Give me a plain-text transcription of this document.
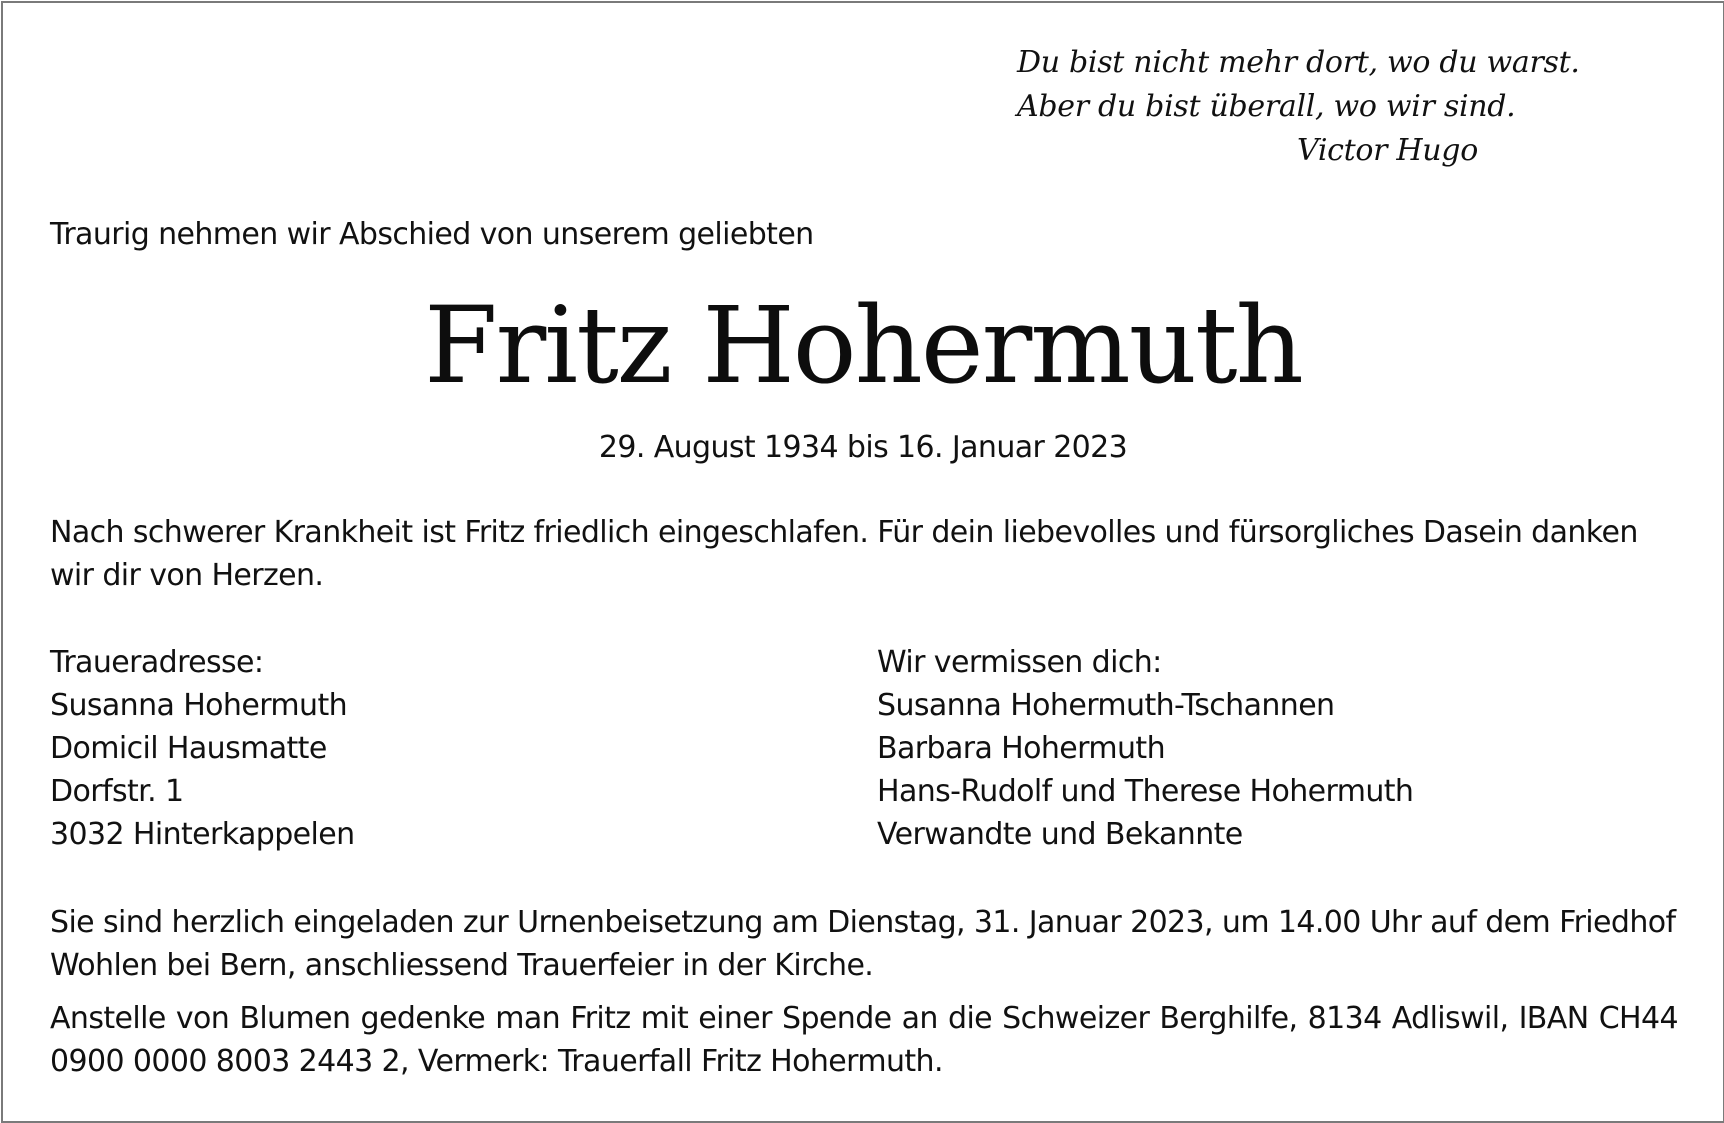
Du bist nicht mehr dort, wo du warst.
Aber du bist überall, wo wir sind.
Victor Hugo
Traurig nehmen wir Abschied von unserem geliebten
Fritz Hohermuth
29. August 1934 bis 16. Januar 2023
Nach schwerer Krankheit ist Fritz friedlich eingeschlafen. Für dein liebevolles und fürsorgliches Dasein danken wir dir von Herzen.
Traueradresse:
Susanna Hohermuth
Domicil Hausmatte
Dorfstr. 1
3032 Hinterkappelen
Wir vermissen dich:
Susanna Hohermuth-Tschannen
Barbara Hohermuth
Hans-Rudolf und Therese Hohermuth
Verwandte und Bekannte
Sie sind herzlich eingeladen zur Urnenbeisetzung am Dienstag, 31. Januar 2023, um 14.00 Uhr auf dem Friedhof Wohlen bei Bern, anschliessend Trauerfeier in der Kirche.
Anstelle von Blumen gedenke man Fritz mit einer Spende an die Schweizer Berghilfe, 8134 Adliswil, IBAN CH44 0900 0000 8003 2443 2, Vermerk: Trauerfall Fritz Hohermuth.
